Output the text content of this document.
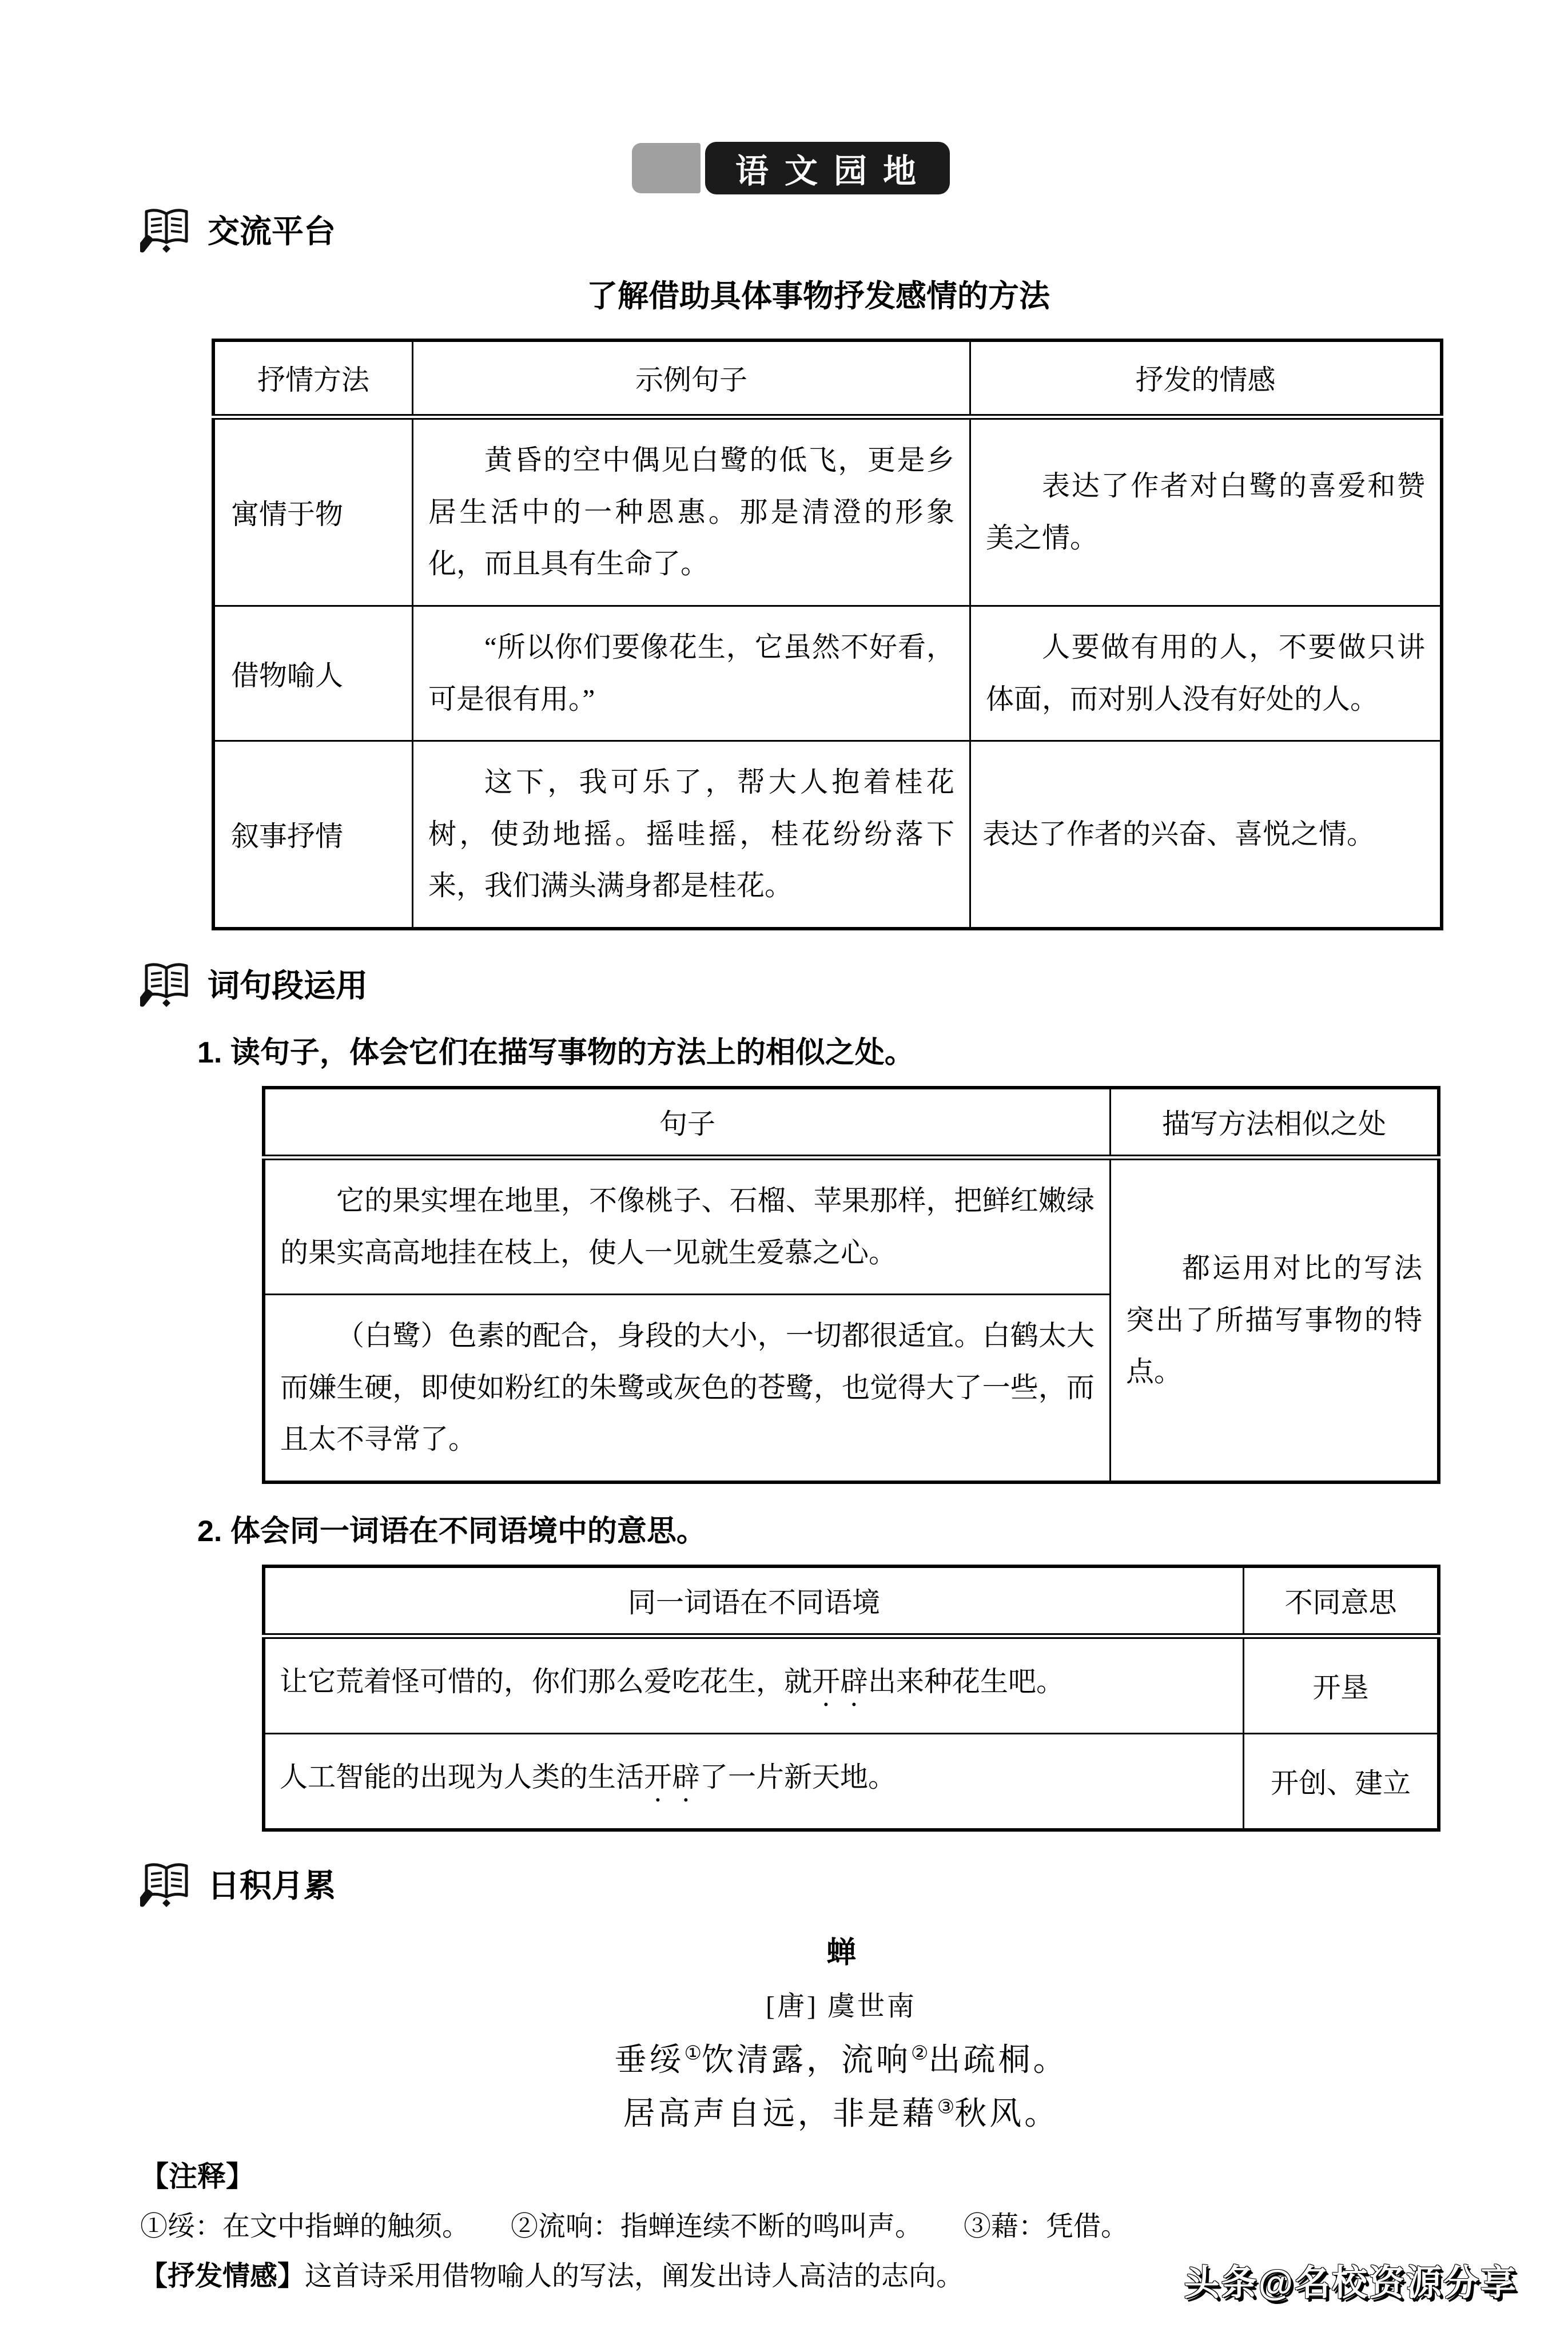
语 文 园 地
交流平台
了解借助具体事物抒发感情的方法
抒情方法	示例句子	抒发的情感
寓情于物	黄昏的空中偶见白鹭的低飞，更是乡居生活中的一种恩惠。那是清澄的形象化，而且具有生命了。	表达了作者对白鹭的喜爱和赞美之情。
借物喻人	“所以你们要像花生，它虽然不好看，可是很有用。”	人要做有用的人，不要做只讲体面，而对别人没有好处的人。
叙事抒情	这下，我可乐了，帮大人抱着桂花树，使劲地摇。摇哇摇，桂花纷纷落下来，我们满头满身都是桂花。	表达了作者的兴奋、喜悦之情。
词句段运用
1. 读句子，体会它们在描写事物的方法上的相似之处。
句子	描写方法相似之处
它的果实埋在地里，不像桃子、石榴、苹果那样，把鲜红嫩绿的果实高高地挂在枝上，使人一见就生爱慕之心。	都运用对比的写法突出了所描写事物的特点。
（白鹭）色素的配合，身段的大小，一切都很适宜。白鹤太大而嫌生硬，即使如粉红的朱鹭或灰色的苍鹭，也觉得大了一些，而且太不寻常了。	
2. 体会同一词语在不同语境中的意思。
同一词语在不同语境	不同意思
让它荒着怪可惜的，你们那么爱吃花生，就开辟出来种花生吧。	开垦
人工智能的出现为人类的生活开辟了一片新天地。	开创、建立
日积月累
蝉
[唐] 虞世南
垂绥①饮清露，流响②出疏桐。
居高声自远，非是藉③秋风。
【注释】
①绥：在文中指蝉的触须。　　②流响：指蝉连续不断的鸣叫声。　　③藉：凭借。
【抒发情感】这首诗采用借物喻人的写法，阐发出诗人高洁的志向。	头条@名校资源分享
